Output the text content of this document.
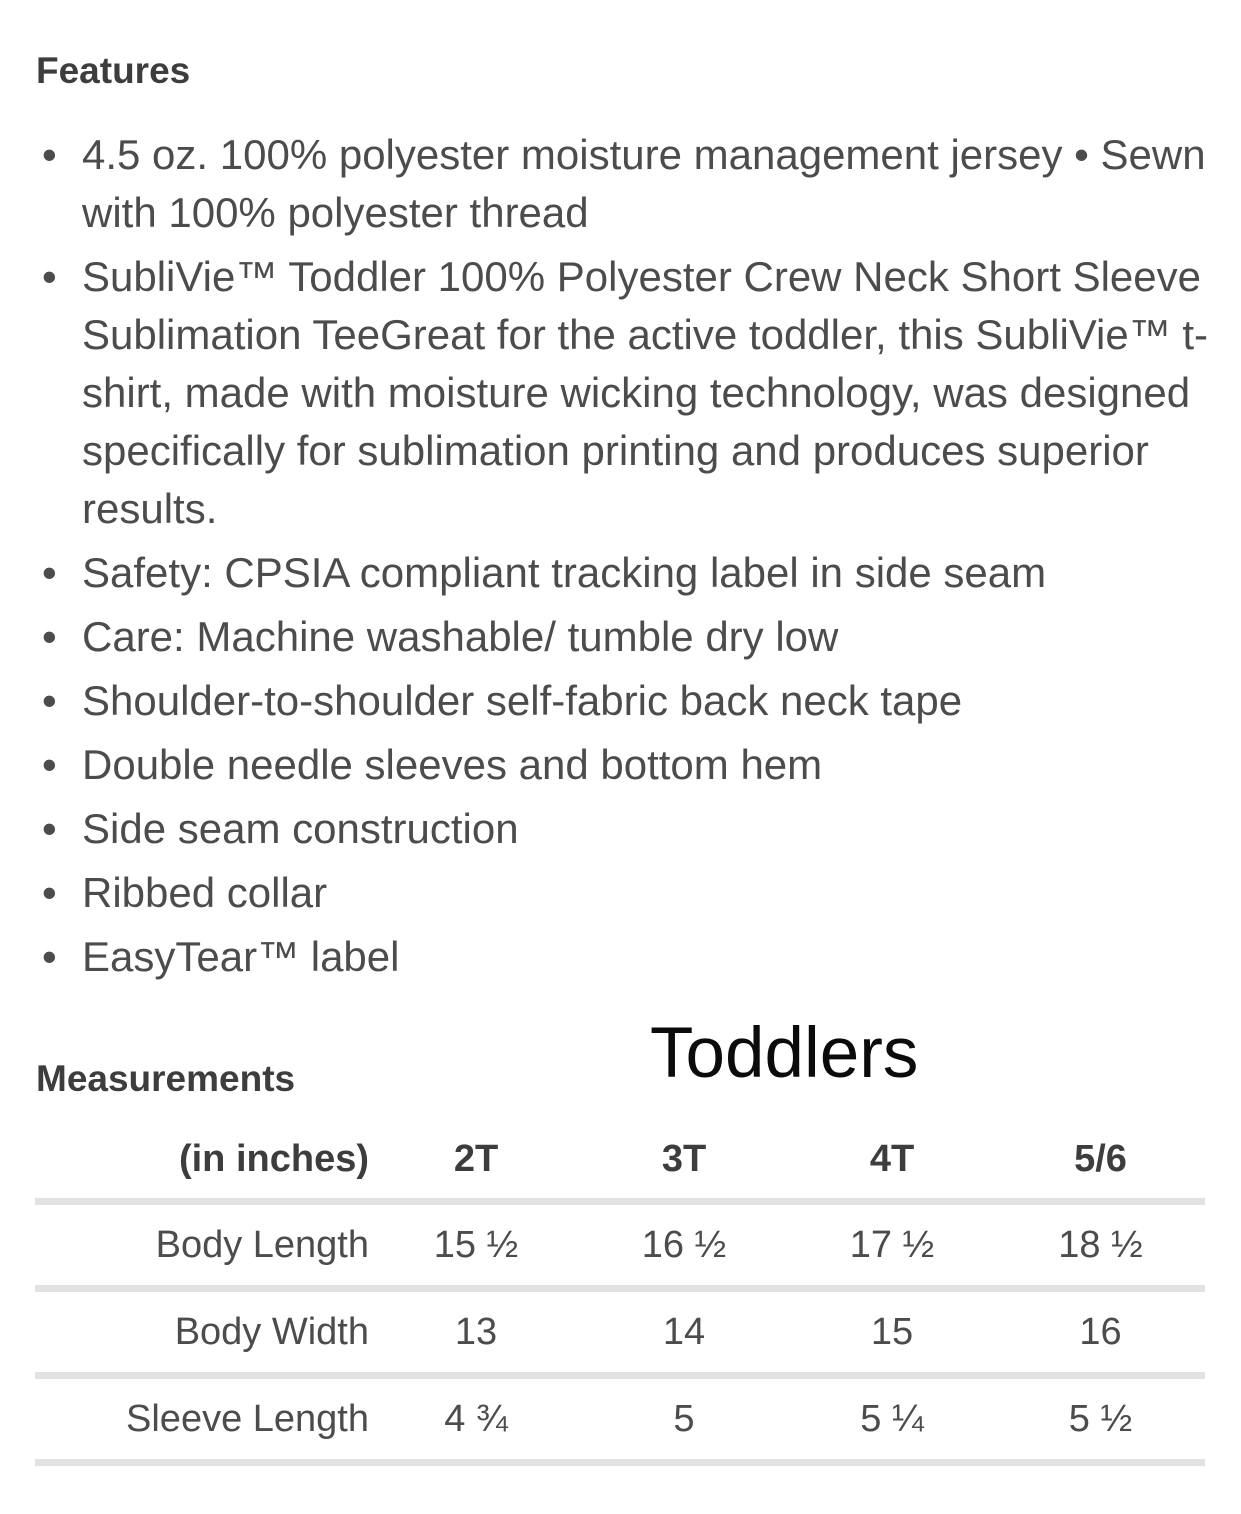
Features
• 4.5 oz. 100% polyester moisture management jersey • Sewn with 100% polyester thread
• SubliVie™ Toddler 100% Polyester Crew Neck Short Sleeve Sublimation TeeGreat for the active toddler, this SubliVie™ t-shirt, made with moisture wicking technology, was designed specifically for sublimation printing and produces superior results.
• Safety: CPSIA compliant tracking label in side seam
• Care: Machine washable/ tumble dry low
• Shoulder-to-shoulder self-fabric back neck tape
• Double needle sleeves and bottom hem
• Side seam construction
• Ribbed collar
• EasyTear™ label
Toddlers
Measurements
(in inches)	2T	3T	4T	5/6
Body Length	15 ½	16 ½	17 ½	18 ½
Body Width	13	14	15	16
Sleeve Length	4 ¾	5	5 ¼	5 ½
